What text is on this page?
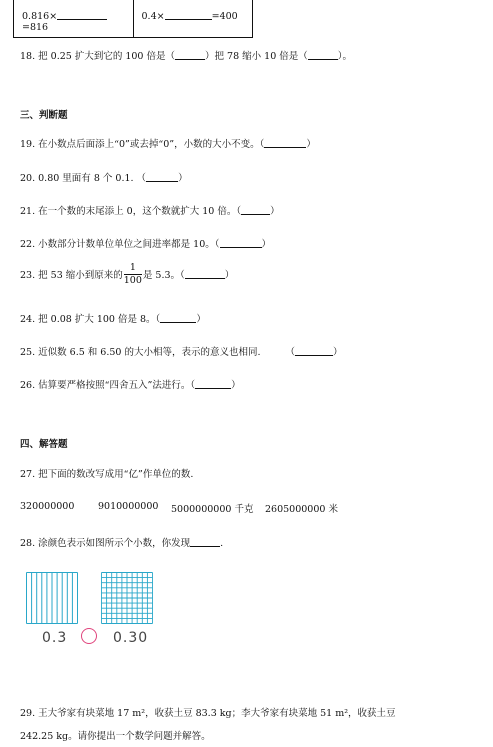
0.816×=816
0.4×	=400
18. 把 0.25 扩大到它的 100 倍是（	）把 78 缩小 10 倍是（	）。
三、判断题
19. 在小数点后面添上“0”或去掉“0”，小数的大小不变。（	）
20. 0.80 里面有 8 个 0.1. （	）
21. 在一个数的末尾添上 0，这个数就扩大 10 倍。（	）
22. 小数部分计数单位单位之间进率都是 10。（	）
23. 把 53 缩小到原来的 $\frac{1}{100}$ 是 5.3。（	）
24. 把 0.08 扩大 100 倍是 8。（	）
25. 近似数 6.5 和 6.50 的大小相等，表示的意义也相同.	（	）
26. 估算要严格按照“四舍五入”法进行。（	）
四、解答题
27. 把下面的数改写成用“亿”作单位的数.
320000000 9010000000 5000000000 千克 2605000000 米
28. 涂颜色表示如图所示个小数，你发现	.
0.3	0.30
29. 王大爷家有块菜地 17 m²，收获土豆 83.3 kg；李大爷家有块菜地 51 m²，收获土豆
242.25 kg。请你提出一个数学问题并解答。
